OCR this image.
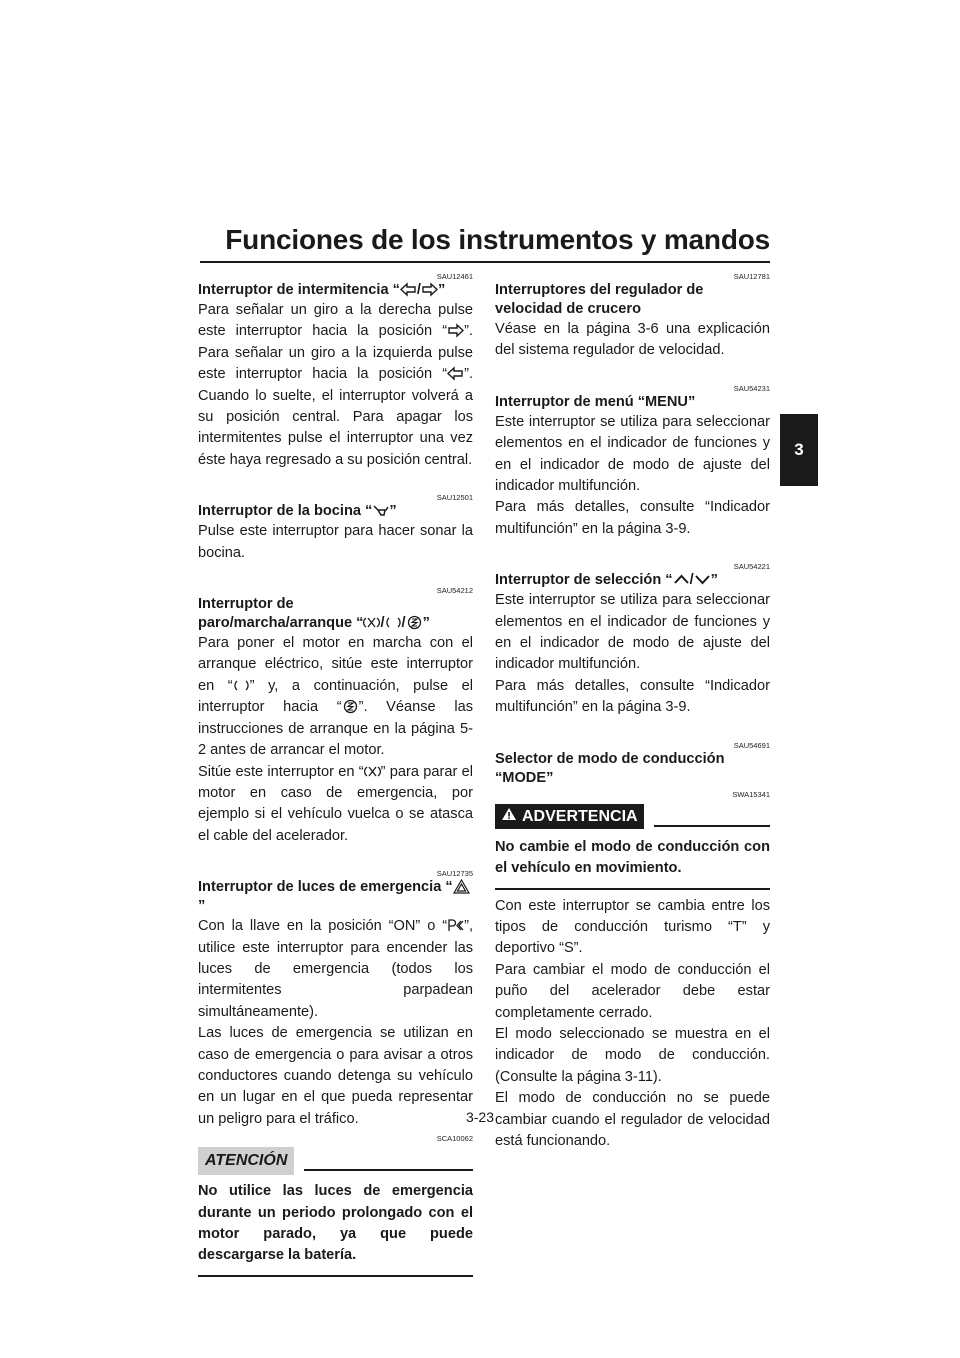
Funciones de los instrumentos y mandos
3
SAU12461
Interruptor de intermitencia “ / ”
Para señalar un giro a la derecha pulse este interruptor hacia la posición “ ”. Para señalar un giro a la izquierda pulse este interruptor hacia la posición “ ”. Cuando lo suelte, el interruptor volverá a su posición central. Para apagar los intermitentes pulse el interruptor una vez éste haya regresado a su posición central.
SAU12501
Interruptor de la bocina “ ”
Pulse este interruptor para hacer sonar la bocina.
SAU54212
Interruptor de
paro/marcha/arranque “ / / ”
Para poner el motor en marcha con el arranque eléctrico, sitúe este interruptor en “ ” y, a continuación, pulse el interruptor hacia “ ”. Véanse las instrucciones de arranque en la página 5-2 antes de arrancar el motor.
Sitúe este interruptor en “ ” para parar el motor en caso de emergencia, por ejemplo si el vehículo vuelca o se atasca el cable del acelerador.
SAU12735
Interruptor de luces de emergencia “
”
Con la llave en la posición “ON” o “ ”, utilice este interruptor para encender las luces de emergencia (todos los intermitentes parpadean simultáneamente).
Las luces de emergencia se utilizan en caso de emergencia o para avisar a otros conductores cuando detenga su vehículo en un lugar en el que pueda representar un peligro para el tráfico.
SCA10062
ATENCIÓN
No utilice las luces de emergencia durante un periodo prolongado con el motor parado, ya que puede descargarse la batería.
SAU12781
Interruptores del regulador de velocidad de crucero
Véase en la página 3-6 una explicación del sistema regulador de velocidad.
SAU54231
Interruptor de menú “MENU”
Este interruptor se utiliza para seleccionar elementos en el indicador de funciones y en el indicador de modo de ajuste del indicador multifunción.
Para más detalles, consulte “Indicador multifunción” en la página 3-9.
SAU54221
Interruptor de selección “ / ”
Este interruptor se utiliza para seleccionar elementos en el indicador de funciones y en el indicador de modo de ajuste del indicador multifunción.
Para más detalles, consulte “Indicador multifunción” en la página 3-9.
SAU54691
Selector de modo de conducción “MODE”
SWA15341
ADVERTENCIA
No cambie el modo de conducción con el vehículo en movimiento.
Con este interruptor se cambia entre los tipos de conducción turismo “T” y deportivo “S”.
Para cambiar el modo de conducción el puño del acelerador debe estar completamente cerrado.
El modo seleccionado se muestra en el indicador de modo de conducción. (Consulte la página 3-11).
El modo de conducción no se puede cambiar cuando el regulador de velocidad está funcionando.
3-23
